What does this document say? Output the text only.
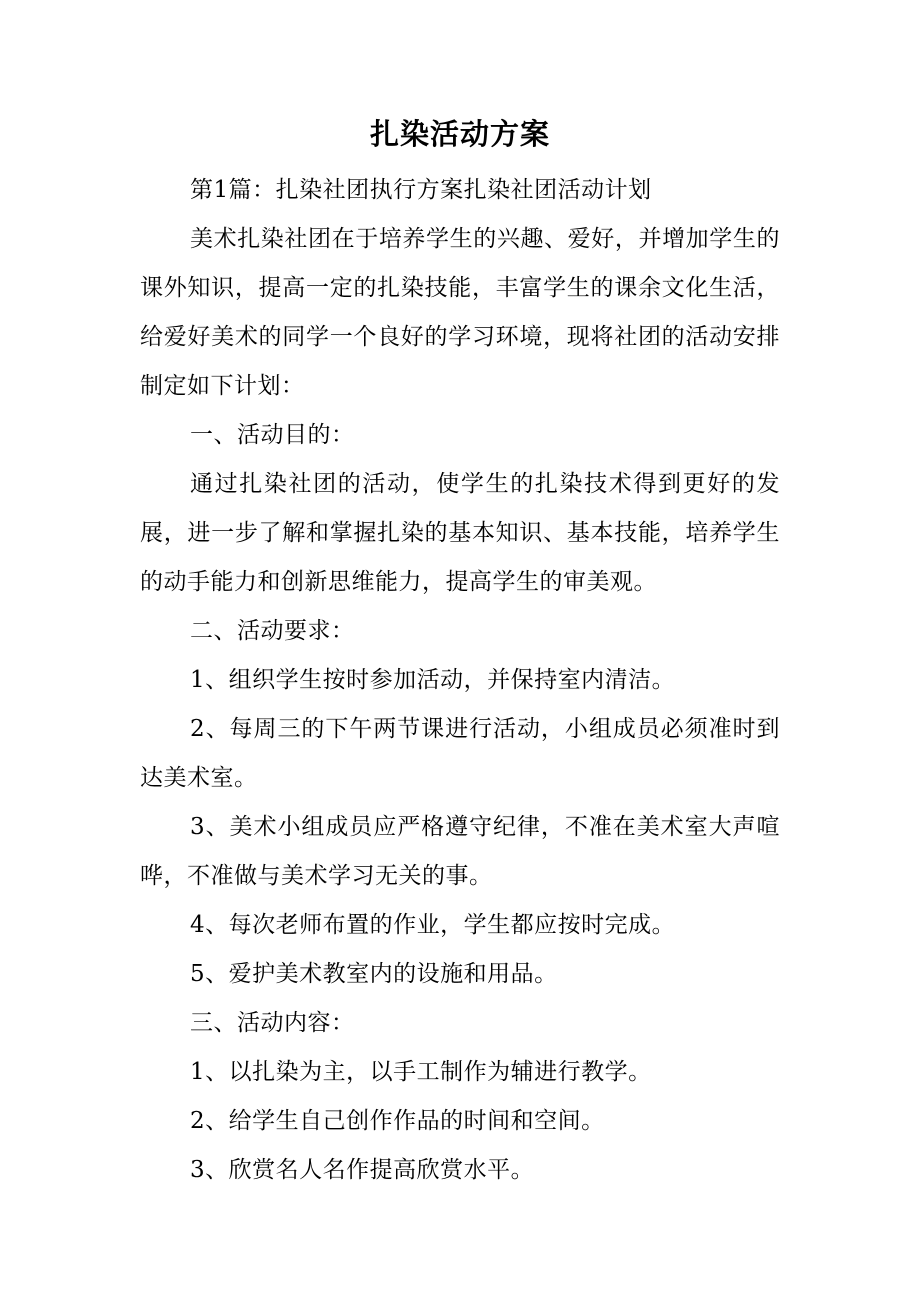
扎染活动方案

第1篇：扎染社团执行方案扎染社团活动计划

美术扎染社团在于培养学生的兴趣、爱好，并增加学生的课外知识，提高一定的扎染技能，丰富学生的课余文化生活，给爱好美术的同学一个良好的学习环境，现将社团的活动安排制定如下计划：

一、活动目的：

通过扎染社团的活动，使学生的扎染技术得到更好的发展，进一步了解和掌握扎染的基本知识、基本技能，培养学生的动手能力和创新思维能力，提高学生的审美观。

二、活动要求：

1、组织学生按时参加活动，并保持室内清洁。

2、每周三的下午两节课进行活动，小组成员必须准时到达美术室。

3、美术小组成员应严格遵守纪律，不准在美术室大声喧哗，不准做与美术学习无关的事。

4、每次老师布置的作业，学生都应按时完成。

5、爱护美术教室内的设施和用品。

三、活动内容：

1、以扎染为主，以手工制作为辅进行教学。

2、给学生自己创作作品的时间和空间。

3、欣赏名人名作提高欣赏水平。
